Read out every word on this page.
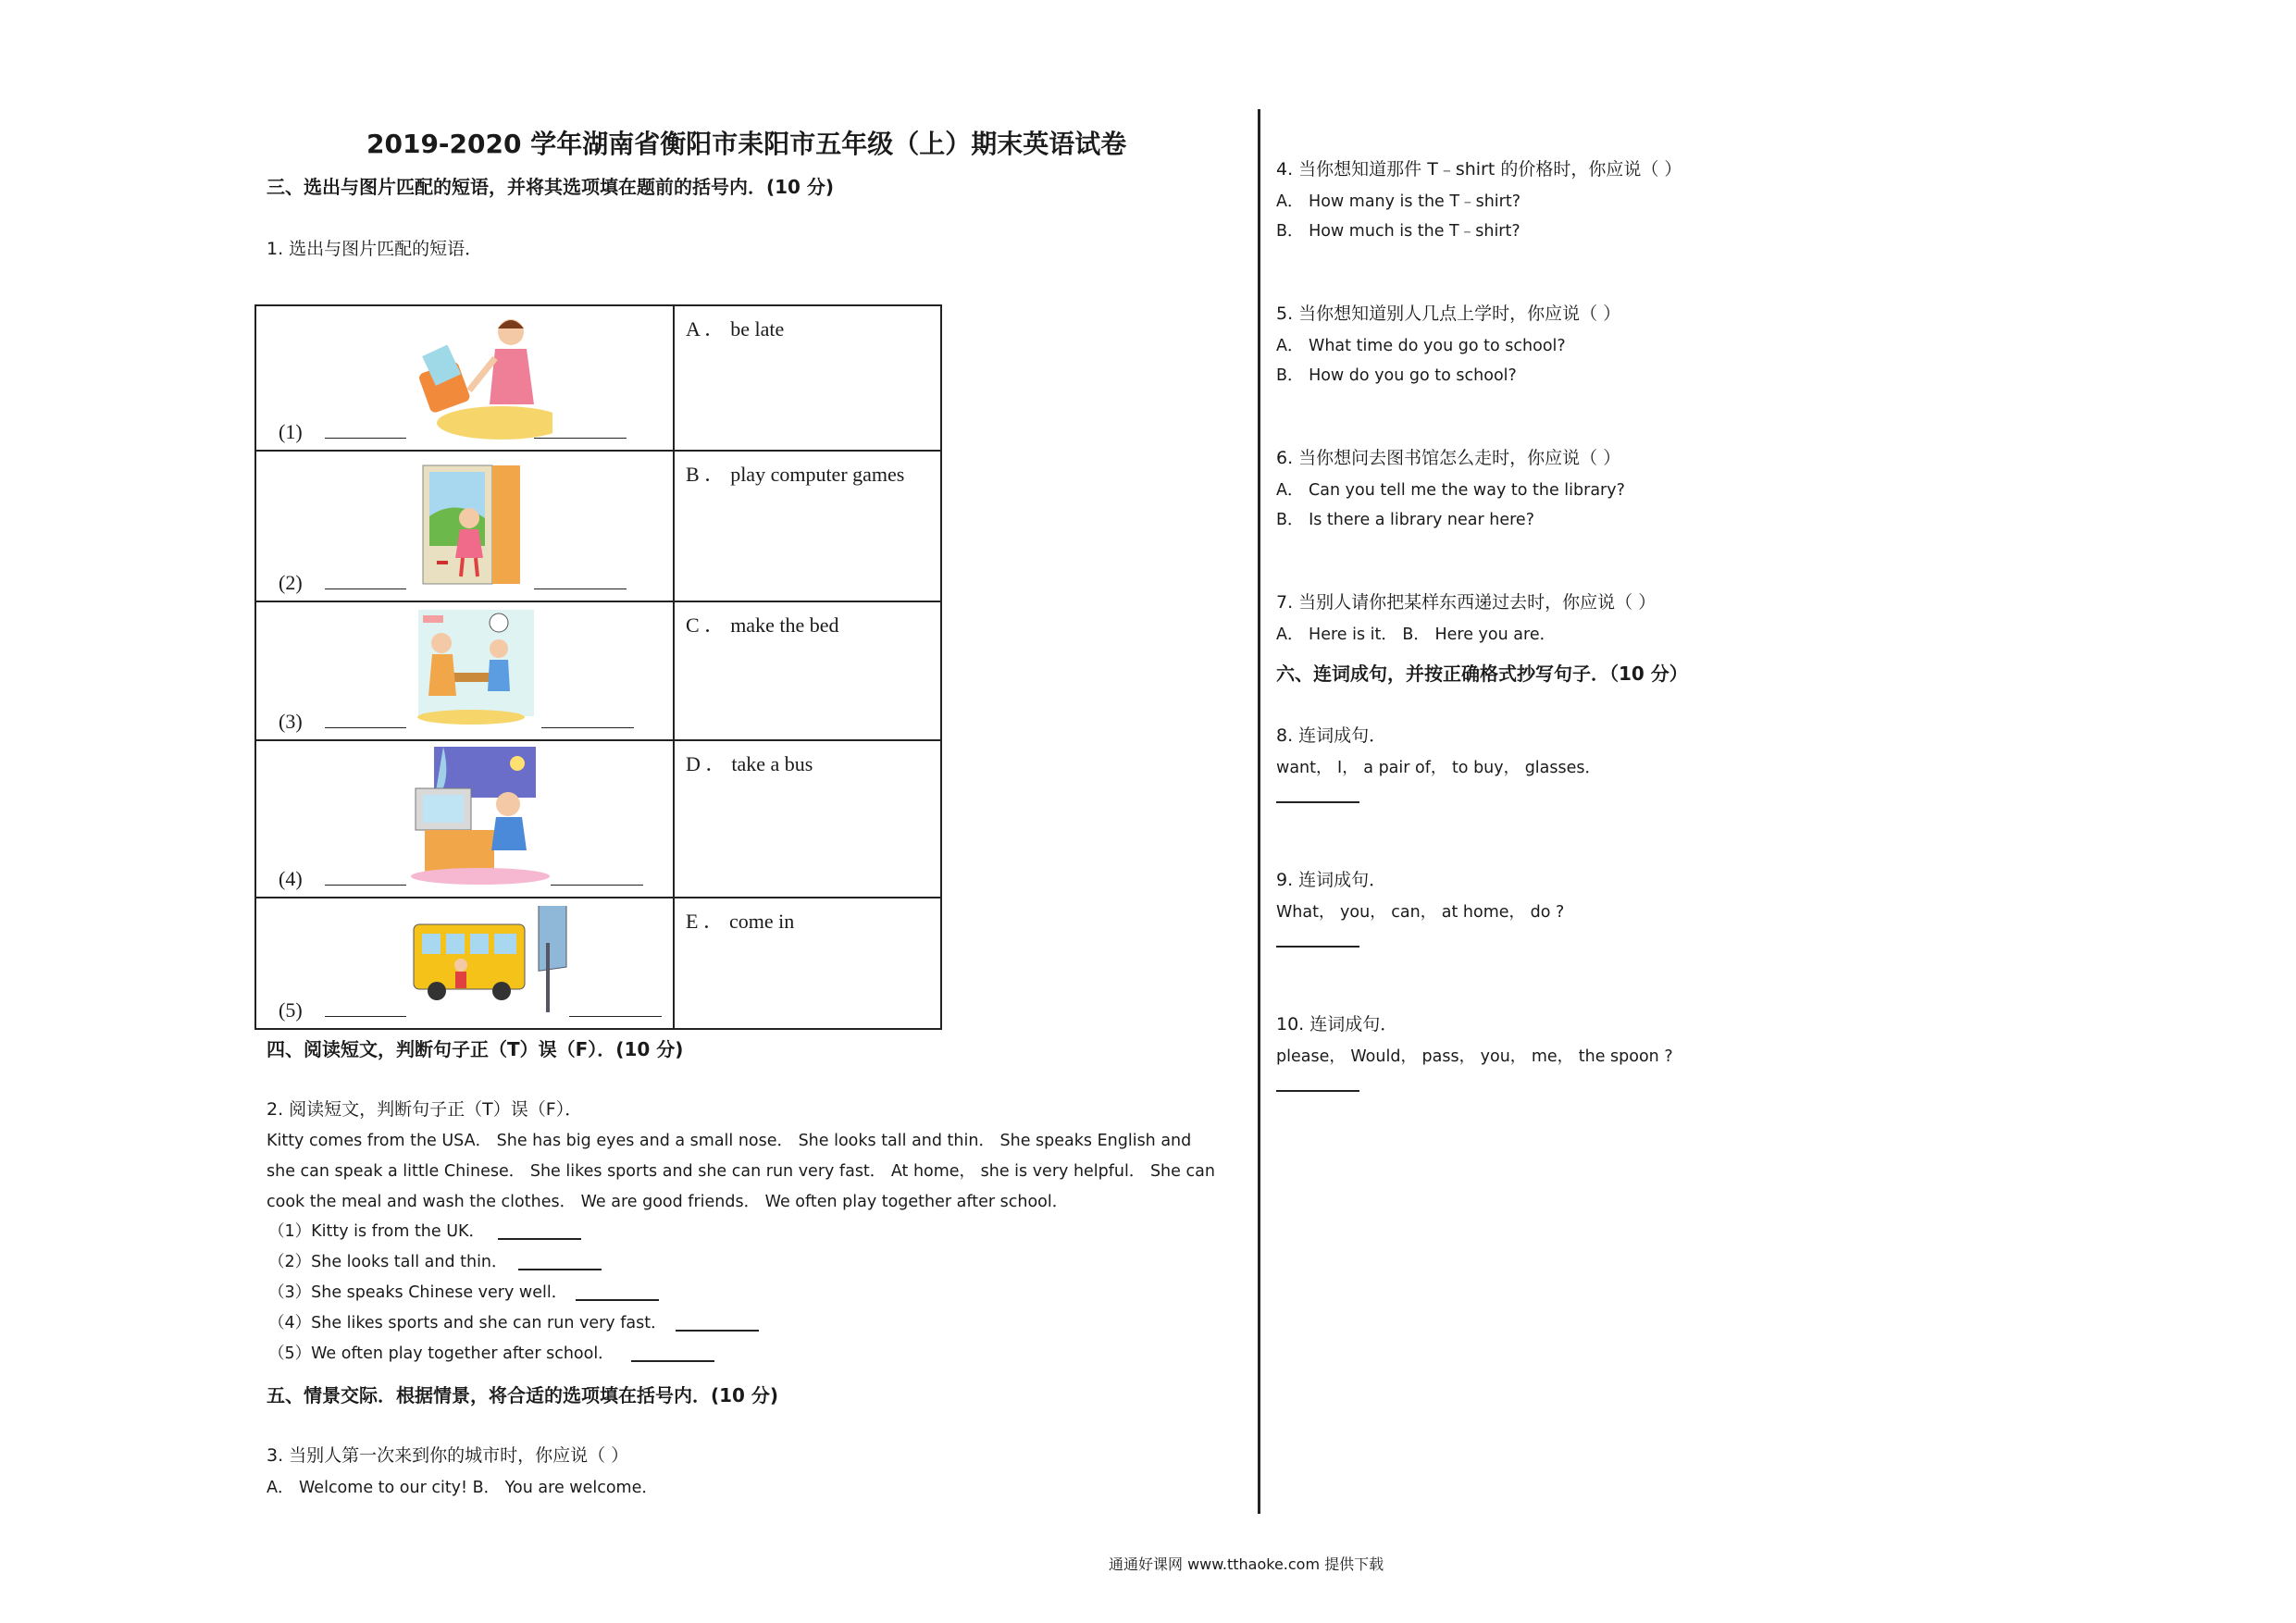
2019-2020 学年湖南省衡阳市耒阳市五年级（上）期末英语试卷
三、选出与图片匹配的短语，并将其选项填在题前的括号内．(10 分)
1. 选出与图片匹配的短语．
(1)	A ． be late

(2)	B ． play computer games

(3)	C ． make the bed

(4)	D ． take a bus

(5)	E ． come in
四、阅读短文，判断句子正（T）误（F）．(10 分)
2. 阅读短文，判断句子正（T）误（F）．
Kitty comes from the USA． She has big eyes and a small nose． She looks tall and thin． She speaks English and
she can speak a little Chinese． She likes sports and she can run very fast． At home， she is very helpful． She can
cook the meal and wash the clothes． We are good friends． We often play together after school．
（1）Kitty is from the UK．
（2）She looks tall and thin．
（3）She speaks Chinese very well．
（4）She likes sports and she can run very fast．
（5）We often play together after school．
五、情景交际．根据情景，将合适的选项填在括号内．(10 分)
3. 当别人第一次来到你的城市时，你应说（ ）
A． Welcome to our city! B． You are welcome．
4. 当你想知道那件 T﹣shirt 的价格时，你应说（ ）
A． How many is the T﹣shirt?
B． How much is the T﹣shirt?
5. 当你想知道别人几点上学时，你应说（ ）
A． What time do you go to school?
B． How do you go to school?
6. 当你想问去图书馆怎么走时，你应说（ ）
A． Can you tell me the way to the library?
B． Is there a library near here?
7. 当别人请你把某样东西递过去时，你应说（ ）
A． Here is it． B． Here you are．
六、连词成句，并按正确格式抄写句子．（10 分）
8. 连词成句．
want， I， a pair of， to buy， glasses．
9. 连词成句．
What， you， can， at home， do ?
10. 连词成句．
please， Would， pass， you， me， the spoon ?
通通好课网 www.tthaoke.com 提供下载
